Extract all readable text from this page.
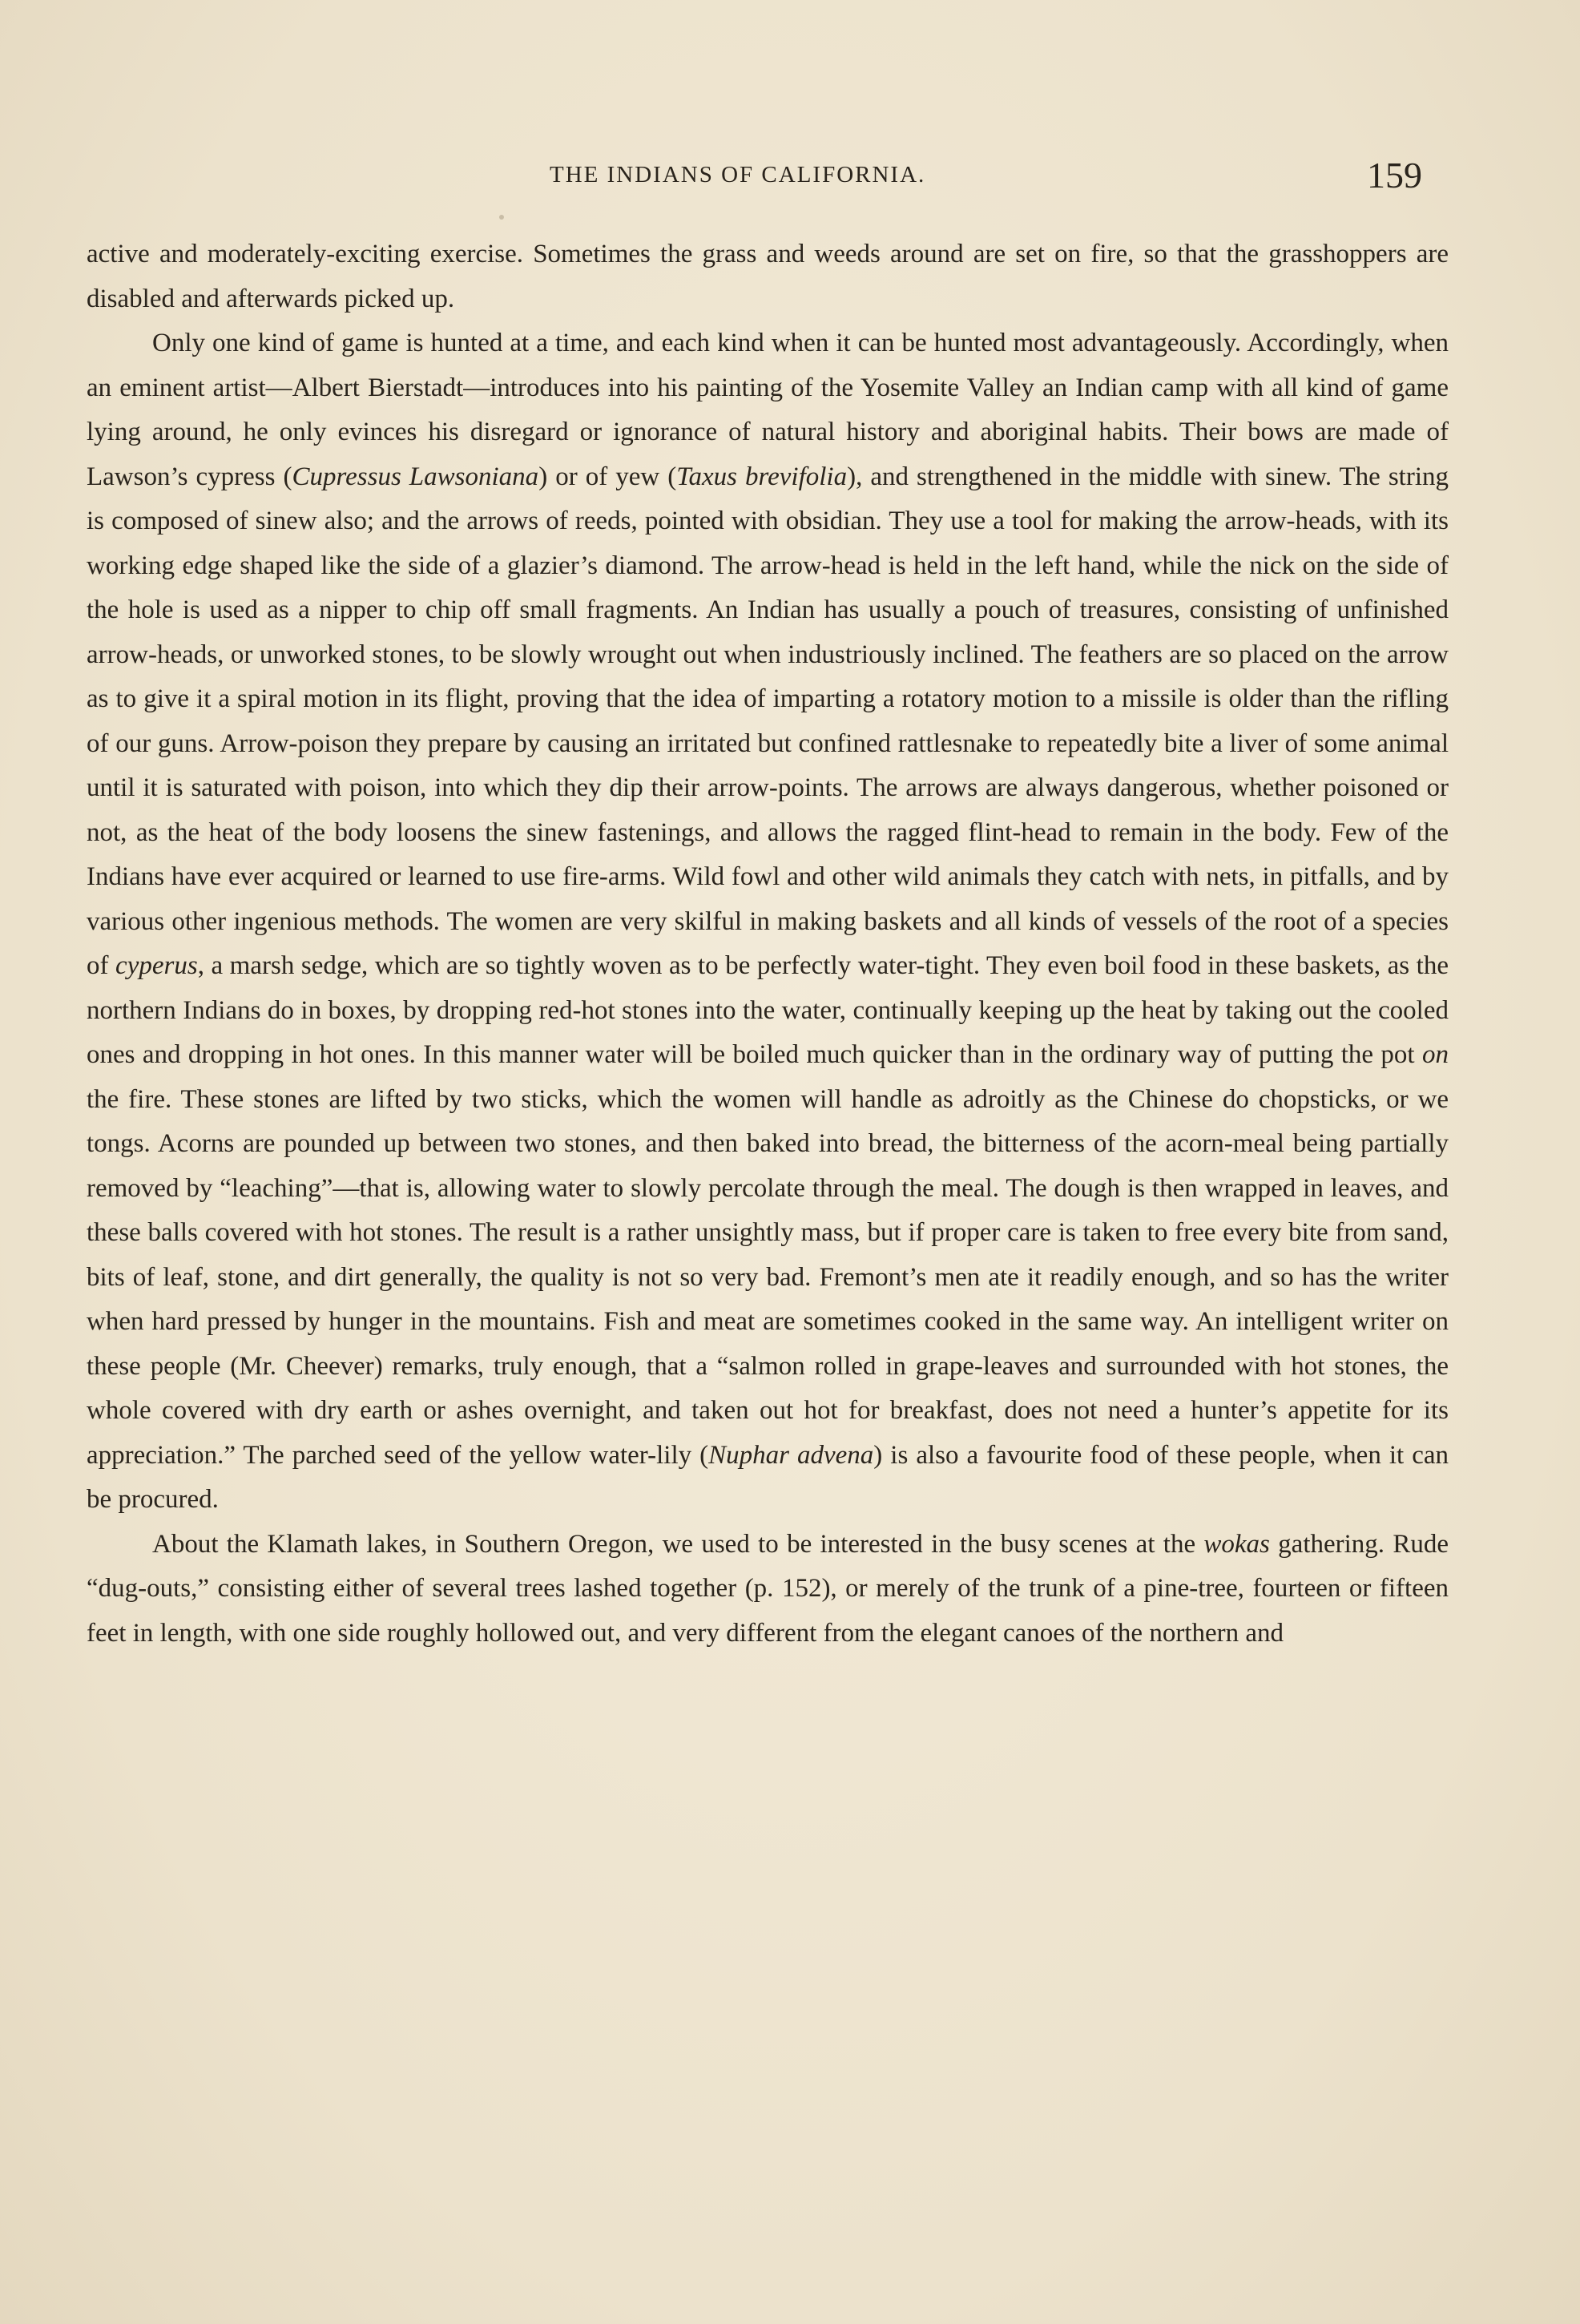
THE INDIANS OF CALIFORNIA.	159

active and moderately-exciting exercise. Sometimes the grass and weeds around are set on fire, so that the grasshoppers are disabled and afterwards picked up.

Only one kind of game is hunted at a time, and each kind when it can be hunted most advantageously. Accordingly, when an eminent artist—Albert Bierstadt—introduces into his painting of the Yosemite Valley an Indian camp with all kind of game lying around, he only evinces his disregard or ignorance of natural history and aboriginal habits. Their bows are made of Lawson’s cypress (Cupressus Lawsoniana) or of yew (Taxus brevifolia), and strengthened in the middle with sinew. The string is composed of sinew also; and the arrows of reeds, pointed with obsidian. They use a tool for making the arrow-heads, with its working edge shaped like the side of a glazier’s diamond. The arrow-head is held in the left hand, while the nick on the side of the hole is used as a nipper to chip off small fragments. An Indian has usually a pouch of treasures, consisting of unfinished arrow-heads, or unworked stones, to be slowly wrought out when industriously inclined. The feathers are so placed on the arrow as to give it a spiral motion in its flight, proving that the idea of imparting a rotatory motion to a missile is older than the rifling of our guns. Arrow-poison they prepare by causing an irritated but confined rattlesnake to repeatedly bite a liver of some animal until it is saturated with poison, into which they dip their arrow-points. The arrows are always dangerous, whether poisoned or not, as the heat of the body loosens the sinew fastenings, and allows the ragged flint-head to remain in the body. Few of the Indians have ever acquired or learned to use fire-arms. Wild fowl and other wild animals they catch with nets, in pitfalls, and by various other ingenious methods. The women are very skilful in making baskets and all kinds of vessels of the root of a species of cyperus, a marsh sedge, which are so tightly woven as to be perfectly water-tight. They even boil food in these baskets, as the northern Indians do in boxes, by dropping red-hot stones into the water, continually keeping up the heat by taking out the cooled ones and dropping in hot ones. In this manner water will be boiled much quicker than in the ordinary way of putting the pot on the fire. These stones are lifted by two sticks, which the women will handle as adroitly as the Chinese do chopsticks, or we tongs. Acorns are pounded up between two stones, and then baked into bread, the bitterness of the acorn-meal being partially removed by “leaching”—that is, allowing water to slowly percolate through the meal. The dough is then wrapped in leaves, and these balls covered with hot stones. The result is a rather unsightly mass, but if proper care is taken to free every bite from sand, bits of leaf, stone, and dirt generally, the quality is not so very bad. Fremont’s men ate it readily enough, and so has the writer when hard pressed by hunger in the mountains. Fish and meat are sometimes cooked in the same way. An intelligent writer on these people (Mr. Cheever) remarks, truly enough, that a “salmon rolled in grape-leaves and surrounded with hot stones, the whole covered with dry earth or ashes overnight, and taken out hot for breakfast, does not need a hunter’s appetite for its appreciation.” The parched seed of the yellow water-lily (Nuphar advena) is also a favourite food of these people, when it can be procured.

About the Klamath lakes, in Southern Oregon, we used to be interested in the busy scenes at the wokas gathering. Rude “dug-outs,” consisting either of several trees lashed together (p. 152), or merely of the trunk of a pine-tree, fourteen or fifteen feet in length, with one side roughly hollowed out, and very different from the elegant canoes of the northern and
